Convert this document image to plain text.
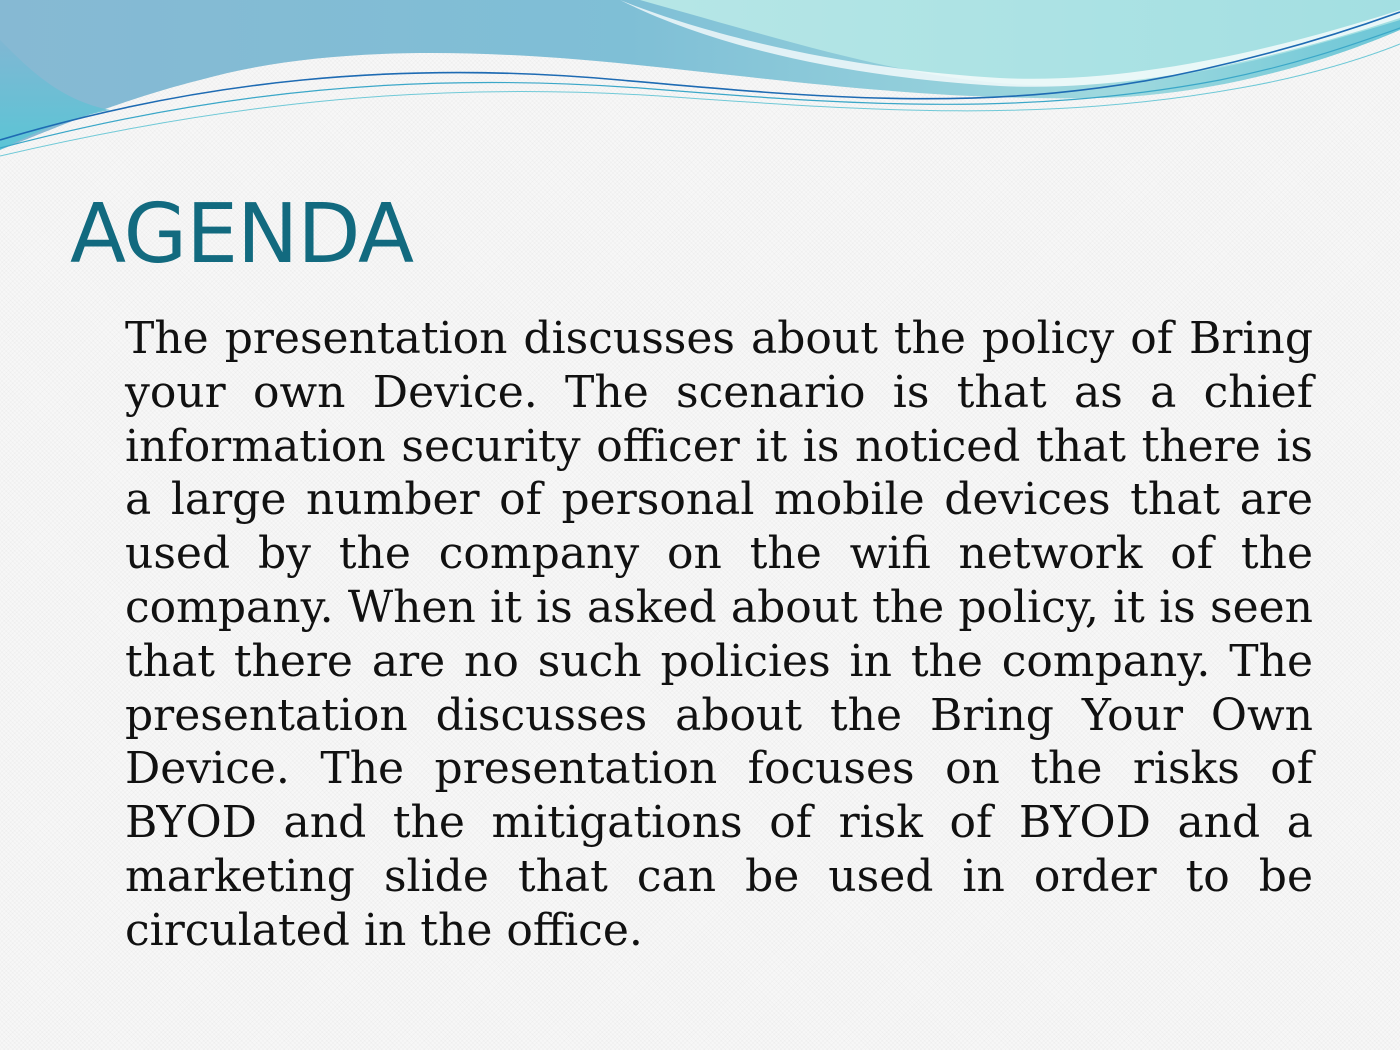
AGENDA

The presentation discusses about the policy of Bring your own Device. The scenario is that as a chief information security officer it is noticed that there is a large number of personal mobile devices that are used by the company on the wifi network of the company. When it is asked about the policy, it is seen that there are no such policies in the company. The presentation discusses about the Bring Your Own Device. The presentation focuses on the risks of BYOD and the mitigations of risk of BYOD and a marketing slide that can be used in order to be circulated in the office.
